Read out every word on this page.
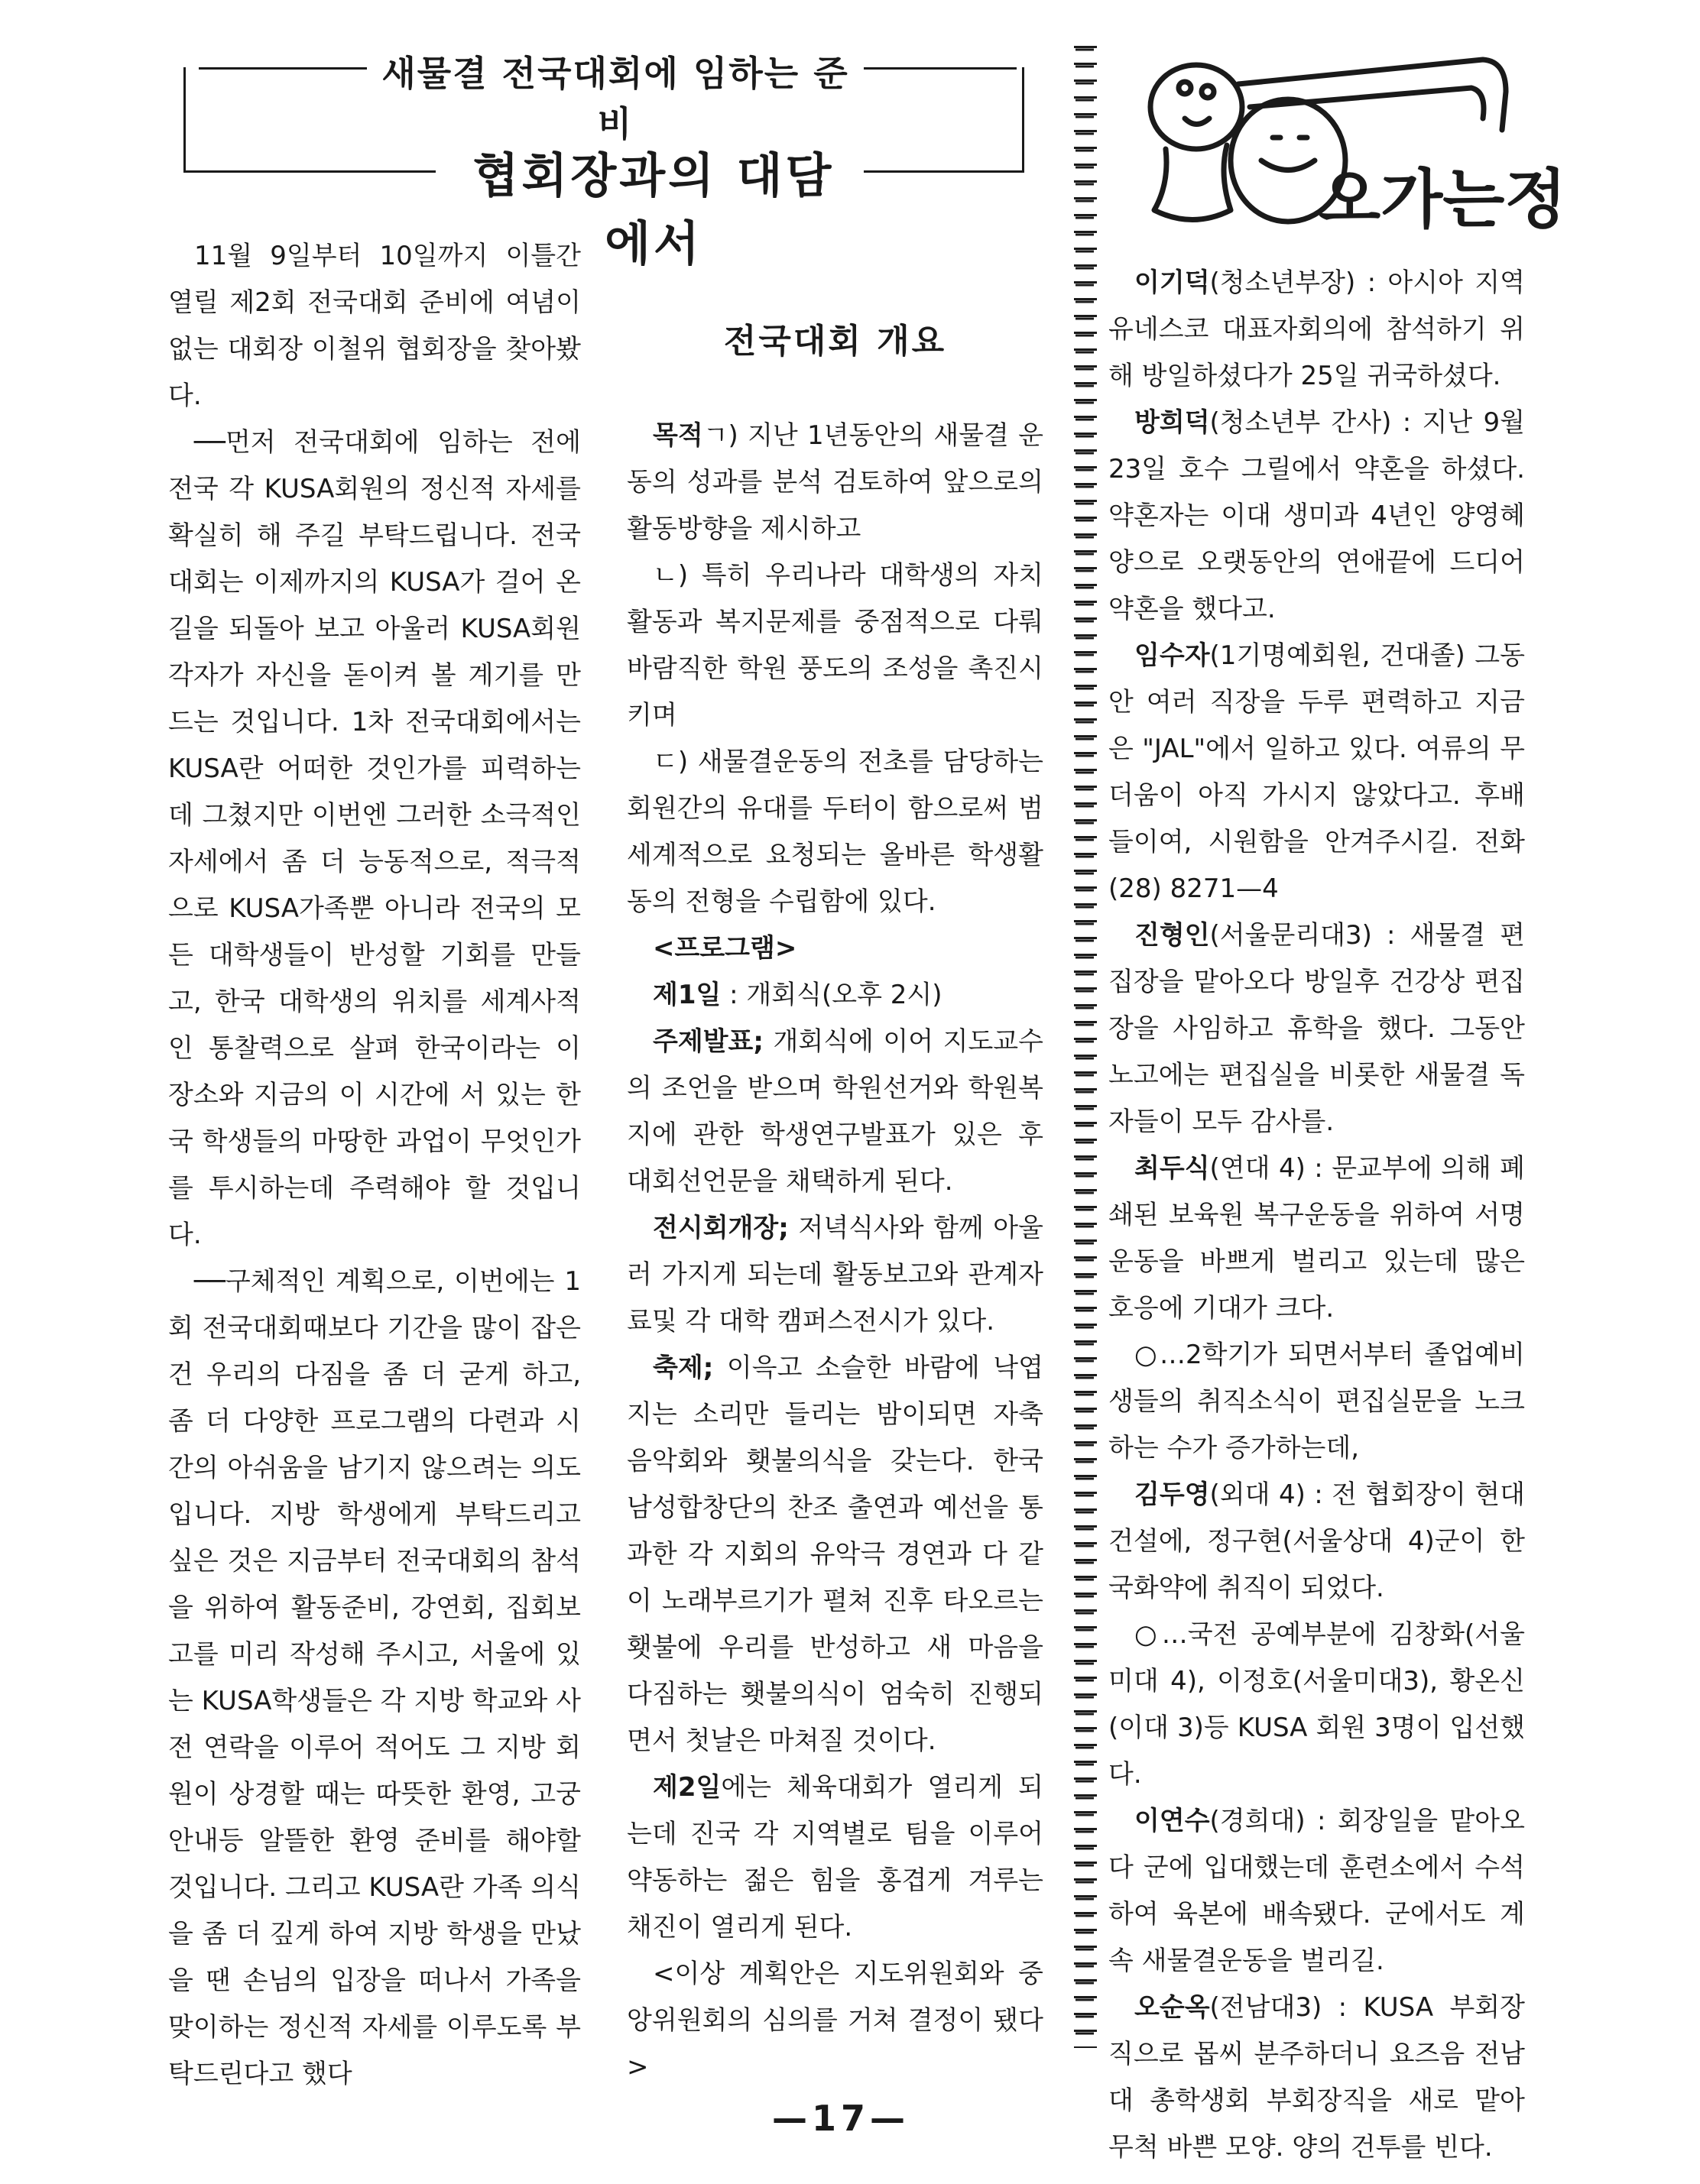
새물결 전국대회에 임하는 준비
협회장과의 대담에서

11월 9일부터 10일까지 이틀간 열릴 제2회 전국대회 준비에 여념이 없는 대회장 이철위 협회장을 찾아봤다.

──먼저 전국대회에 임하는 전에 전국 각 KUSA회원의 정신적 자세를 확실히 해 주길 부탁드립니다. 전국대회는 이제까지의 KUSA가 걸어 온 길을 되돌아 보고 아울러 KUSA회원 각자가 자신을 돋이켜 볼 계기를 만드는 것입니다. 1차 전국대회에서는 KUSA란 어떠한 것인가를 피력하는데 그쳤지만 이번엔 그러한 소극적인 자세에서 좀 더 능동적으로, 적극적으로 KUSA가족뿐 아니라 전국의 모든 대학생들이 반성할 기회를 만들고, 한국 대학생의 위치를 세계사적인 통찰력으로 살펴 한국이라는 이 장소와 지금의 이 시간에 서 있는 한국 학생들의 마땅한 과업이 무엇인가를 투시하는데 주력해야 할 것입니다.

──구체적인 계획으로, 이번에는 1회 전국대회때보다 기간을 많이 잡은건 우리의 다짐을 좀 더 굳게 하고, 좀 더 다양한 프로그램의 다련과 시간의 아쉬움을 남기지 않으려는 의도입니다. 지방 학생에게 부탁드리고 싶은 것은 지금부터 전국대회의 참석을 위하여 활동준비, 강연회, 집회보고를 미리 작성해 주시고, 서울에 있는 KUSA학생들은 각 지방 학교와 사전 연락을 이루어 적어도 그 지방 회원이 상경할 때는 따뜻한 환영, 고궁안내등 알뜰한 환영 준비를 해야할 것입니다. 그리고 KUSA란 가족 의식을 좀 더 깊게 하여 지방 학생을 만났을 땐 손님의 입장을 떠나서 가족을 맞이하는 정신적 자세를 이루도록 부탁드린다고 했다

전국대회 개요

목적ㄱ) 지난 1년동안의 새물결 운동의 성과를 분석 검토하여 앞으로의 활동방향을 제시하고

ㄴ) 특히 우리나라 대학생의 자치활동과 복지문제를 중점적으로 다뤄 바람직한 학원 풍도의 조성을 촉진시키며

ㄷ) 새물결운동의 전초를 담당하는 회원간의 유대를 두터이 함으로써 범세계적으로 요청되는 올바른 학생활동의 전형을 수립함에 있다.

<프로그램>

제1일 : 개회식(오후 2시)

주제발표; 개회식에 이어 지도교수의 조언을 받으며 학원선거와 학원복지에 관한 학생연구발표가 있은 후 대회선언문을 채택하게 된다.

전시회개장; 저녁식사와 함께 아울러 가지게 되는데 활동보고와 관계자료및 각 대학 캠퍼스전시가 있다.

축제; 이윽고 소슬한 바람에 낙엽지는 소리만 들리는 밤이되면 자축 음악회와 횃불의식을 갖는다. 한국 남성합창단의 찬조 출연과 예선을 통과한 각 지회의 유악극 경연과 다 같이 노래부르기가 펼쳐 진후 타오르는 횃불에 우리를 반성하고 새 마음을 다짐하는 횃불의식이 엄숙히 진행되면서 첫날은 마쳐질 것이다.

제2일에는 체육대회가 열리게 되는데 진국 각 지역별로 팀을 이루어 약동하는 젊은 힘을 홍겹게 겨루는 채진이 열리게 된다.

<이상 계획안은 지도위원회와 중앙위원회의 심의를 거쳐 결정이 됐다>

오가는정

이기덕(청소년부장) : 아시아 지역 유네스코 대표자회의에 참석하기 위해 방일하셨다가 25일 귀국하셨다.

방희덕(청소년부 간사) : 지난 9월 23일 호수 그릴에서 약혼을 하셨다. 약혼자는 이대 생미과 4년인 양영혜양으로 오랫동안의 연애끝에 드디어 약혼을 했다고.

임수자(1기명예회원, 건대졸) 그동안 여러 직장을 두루 편력하고 지금은 "JAL"에서 일하고 있다. 여류의 무더움이 아직 가시지 않았다고. 후배들이여, 시원함을 안겨주시길. 전화 (28) 8271—4

진형인(서울문리대3) : 새물결 편집장을 맡아오다 방일후 건강상 편집장을 사임하고 휴학을 했다. 그동안 노고에는 편집실을 비롯한 새물결 독자들이 모두 감사를.

최두식(연대 4) : 문교부에 의해 폐쇄된 보육원 복구운동을 위하여 서명운동을 바쁘게 벌리고 있는데 많은 호응에 기대가 크다.

○…2학기가 되면서부터 졸업예비생들의 취직소식이 편집실문을 노크하는 수가 증가하는데,

김두영(외대 4) : 전 협회장이 현대건설에, 정구현(서울상대 4)군이 한국화약에 취직이 되었다.

○…국전 공예부분에 김창화(서울미대 4), 이정호(서울미대3), 황온신(이대 3)등 KUSA 회원 3명이 입선했다.

이연수(경희대) : 회장일을 맡아오다 군에 입대했는데 훈련소에서 수석하여 육본에 배속됐다. 군에서도 계속 새물결운동을 벌리길.

오순옥(전남대3) : KUSA 부회장직으로 몹씨 분주하더니 요즈음 전남대 총학생회 부회장직을 새로 맡아 무척 바쁜 모양. 양의 건투를 빈다.

—17—
